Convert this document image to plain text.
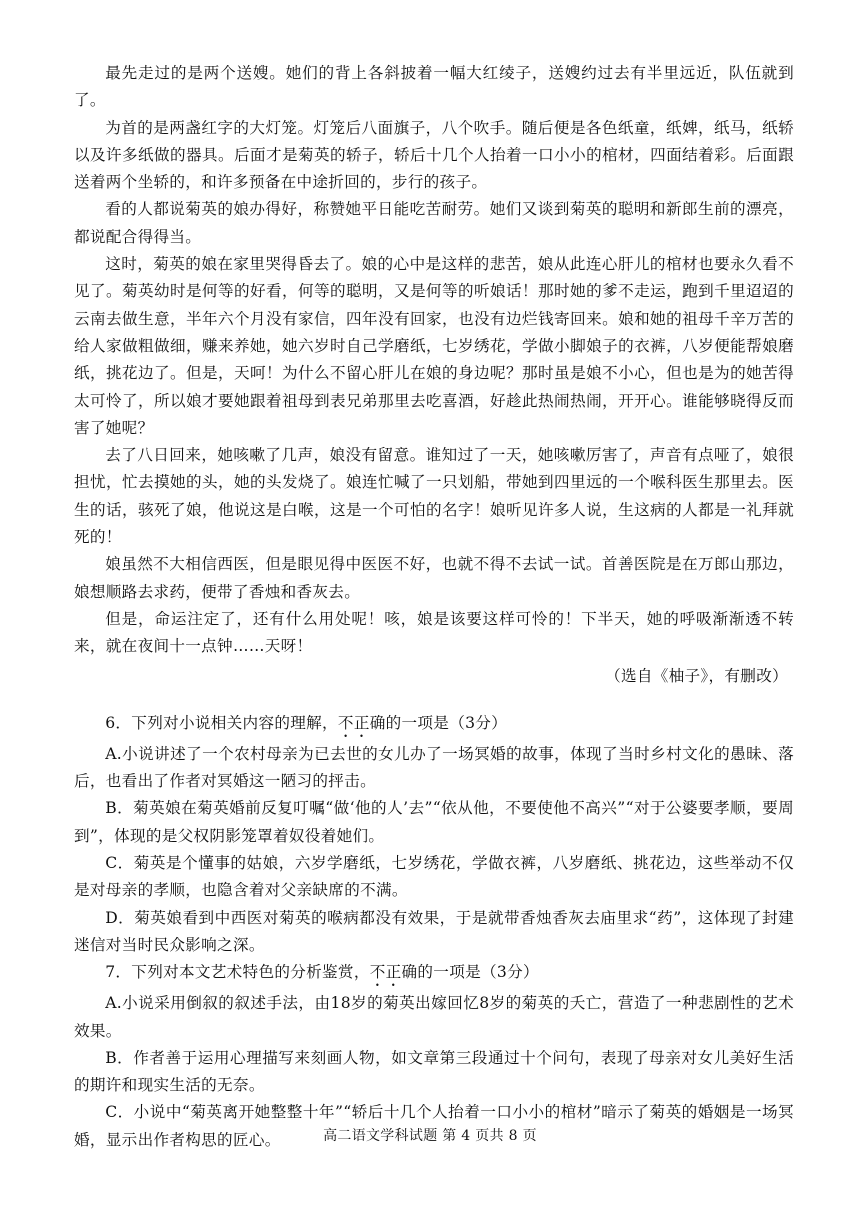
最先走过的是两个送嫂。她们的背上各斜披着一幅大红绫子，送嫂约过去有半里远近，队伍就到了。

为首的是两盏红字的大灯笼。灯笼后八面旗子，八个吹手。随后便是各色纸童，纸婢，纸马，纸轿以及许多纸做的器具。后面才是菊英的轿子，轿后十几个人抬着一口小小的棺材，四面结着彩。后面跟送着两个坐轿的，和许多预备在中途折回的，步行的孩子。

看的人都说菊英的娘办得好，称赞她平日能吃苦耐劳。她们又谈到菊英的聪明和新郎生前的漂亮，都说配合得得当。

这时，菊英的娘在家里哭得昏去了。娘的心中是这样的悲苦，娘从此连心肝儿的棺材也要永久看不见了。菊英幼时是何等的好看，何等的聪明，又是何等的听娘话！那时她的爹不走运，跑到千里迢迢的云南去做生意，半年六个月没有家信，四年没有回家，也没有边烂钱寄回来。娘和她的祖母千辛万苦的给人家做粗做细，赚来养她，她六岁时自己学磨纸，七岁绣花，学做小脚娘子的衣裤，八岁便能帮娘磨纸，挑花边了。但是，天呵！为什么不留心肝儿在娘的身边呢？那时虽是娘不小心，但也是为的她苦得太可怜了，所以娘才要她跟着祖母到表兄弟那里去吃喜酒，好趁此热闹热闹，开开心。谁能够晓得反而害了她呢？

去了八日回来，她咳嗽了几声，娘没有留意。谁知过了一天，她咳嗽厉害了，声音有点哑了，娘很担忧，忙去摸她的头，她的头发烧了。娘连忙喊了一只划船，带她到四里远的一个喉科医生那里去。医生的话，骇死了娘，他说这是白喉，这是一个可怕的名字！娘听见许多人说，生这病的人都是一礼拜就死的！

娘虽然不大相信西医，但是眼见得中医医不好，也就不得不去试一试。首善医院是在万郎山那边，娘想顺路去求药，便带了香烛和香灰去。

但是，命运注定了，还有什么用处呢！咳，娘是该要这样可怜的！下半天，她的呼吸渐渐透不转来，就在夜间十一点钟……天呀！

（选自《柚子》，有删改）

6．下列对小说相关内容的理解，不正确的一项是（3分）

A.小说讲述了一个农村母亲为已去世的女儿办了一场冥婚的故事，体现了当时乡村文化的愚昧、落后，也看出了作者对冥婚这一陋习的抨击。

B．菊英娘在菊英婚前反复叮嘱“做‘他的人’去”“依从他，不要使他不高兴”“对于公婆要孝顺，要周到”，体现的是父权阴影笼罩着奴役着她们。

C．菊英是个懂事的姑娘，六岁学磨纸，七岁绣花，学做衣裤，八岁磨纸、挑花边，这些举动不仅是对母亲的孝顺，也隐含着对父亲缺席的不满。

D．菊英娘看到中西医对菊英的喉病都没有效果，于是就带香烛香灰去庙里求“药”，这体现了封建迷信对当时民众影响之深。

7．下列对本文艺术特色的分析鉴赏，不正确的一项是（3分）

A.小说采用倒叙的叙述手法，由18岁的菊英出嫁回忆8岁的菊英的夭亡，营造了一种悲剧性的艺术效果。

B．作者善于运用心理描写来刻画人物，如文章第三段通过十个问句，表现了母亲对女儿美好生活的期许和现实生活的无奈。

C．小说中“菊英离开她整整十年”“轿后十几个人抬着一口小小的棺材”暗示了菊英的婚姻是一场冥婚，显示出作者构思的匠心。	高二语文学科试题 第 4 页共 8 页
